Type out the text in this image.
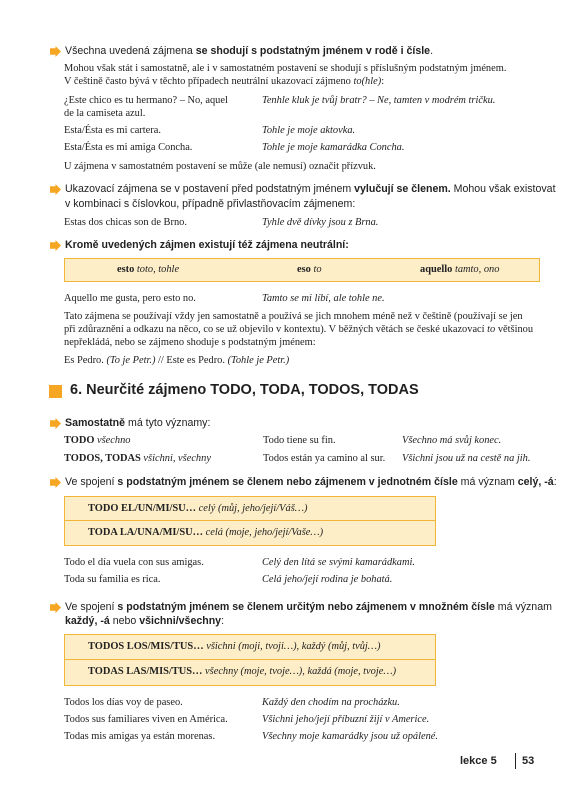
Všechna uvedená zájmena se shodují s podstatným jménem v rodě i čísle.
Mohou však stát i samostatně, ale i v samostatném postavení se shodují s příslušným podstatným jménem.
V češtině často bývá v těchto případech neutrální ukazovací zájmeno to(hle):
¿Este chico es tu hermano? – No, aquel
de la camiseta azul.
Tenhle kluk je tvůj bratr? – Ne, tamten v modrém tričku.
Esta/Ésta es mi cartera.	Tohle je moje aktovka.
Esta/Ésta es mi amiga Concha.	Tohle je moje kamarádka Concha.
U zájmena v samostatném postavení se může (ale nemusí) označit přízvuk.
Ukazovací zájmena se v postavení před podstatným jménem vylučují se členem. Mohou však existovat
v kombinaci s číslovkou, případně přivlastňovacím zájmenem:
Estas dos chicas son de Brno.	Tyhle dvě dívky jsou z Brna.
Kromě uvedených zájmen existují též zájmena neutrální:
esto toto, tohle	eso to	aquello tamto, ono
Aquello me gusta, pero esto no.	Tamto se mi líbí, ale tohle ne.
Tato zájmena se používají vždy jen samostatně a používá se jich mnohem méně než v češtině (používají se jen
při zdůraznění a odkazu na něco, co se už objevilo v kontextu). V běžných větách se české ukazovací to většinou
nepřekládá, nebo se zájmeno shoduje s podstatným jménem:
Es Pedro. (To je Petr.) // Este es Pedro. (Tohle je Petr.)
6. Neurčité zájmeno TODO, TODA, TODOS, TODAS
Samostatně má tyto významy:
TODO všechno	Todo tiene su fin.	Všechno má svůj konec.
TODOS, TODAS všichni, všechny	Todos están ya camino al sur. Všichni jsou už na cestě na jih.
Ve spojení s podstatným jménem se členem nebo zájmenem v jednotném čísle má význam celý, -á:
TODO EL/UN/MI/SU… celý (můj, jeho/její/Váš…)
TODA LA/UNA/MI/SU… celá (moje, jeho/její/Vaše…)
Todo el día vuela con sus amigas.	Celý den lítá se svými kamarádkami.
Toda su familia es rica.	Celá jeho/její rodina je bohatá.
Ve spojení s podstatným jménem se členem určitým nebo zájmenem v množném čísle má význam
každý, -á nebo všichni/všechny:
TODOS LOS/MIS/TUS… všichni (moji, tvoji…), každý (můj, tvůj…)
TODAS LAS/MIS/TUS… všechny (moje, tvoje…), každá (moje, tvoje…)
Todos los días voy de paseo.	Každý den chodím na procházku.
Todos sus familiares viven en América.	Všichni jeho/její příbuzní žijí v Americe.
Todas mis amigas ya están morenas.	Všechny moje kamarádky jsou už opálené.
lekce 5 53
